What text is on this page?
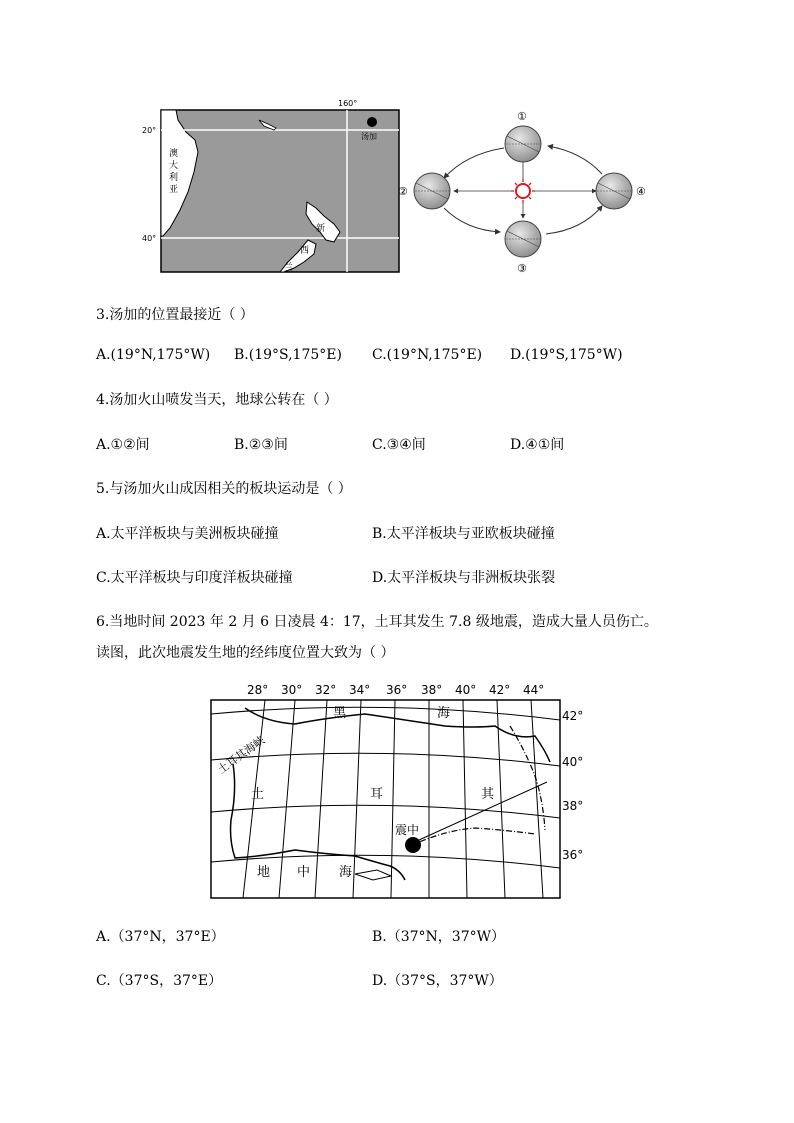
160°
20°
40°
汤加
澳
大
利
亚
新
西
兰
①
②
③
④
3.汤加的位置最接近（ ）
A.(19°N,175°W) B.(19°S,175°E) C.(19°N,175°E) D.(19°S,175°W)
4.汤加火山喷发当天，地球公转在（ ）
A.①②间	B.②③间	C.③④间	D.④①间
5.与汤加火山成因相关的板块运动是（ ）
A.太平洋板块与美洲板块碰撞	B.太平洋板块与亚欧板块碰撞
C.太平洋板块与印度洋板块碰撞	D.太平洋板块与非洲板块张裂
6.当地时间 2023 年 2 月 6 日凌晨 4：17，土耳其发生 7.8 级地震，造成大量人员伤亡。
读图，此次地震发生地的经纬度位置大致为（ ）
28° 30° 32° 34° 36° 38° 40° 42° 44°
42°
40°
38°
36°
黑	海
土	耳	其
地 中 海
震中
土耳其海峡
A.（37°N，37°E）	B.（37°N，37°W）
C.（37°S，37°E）	D.（37°S，37°W）
